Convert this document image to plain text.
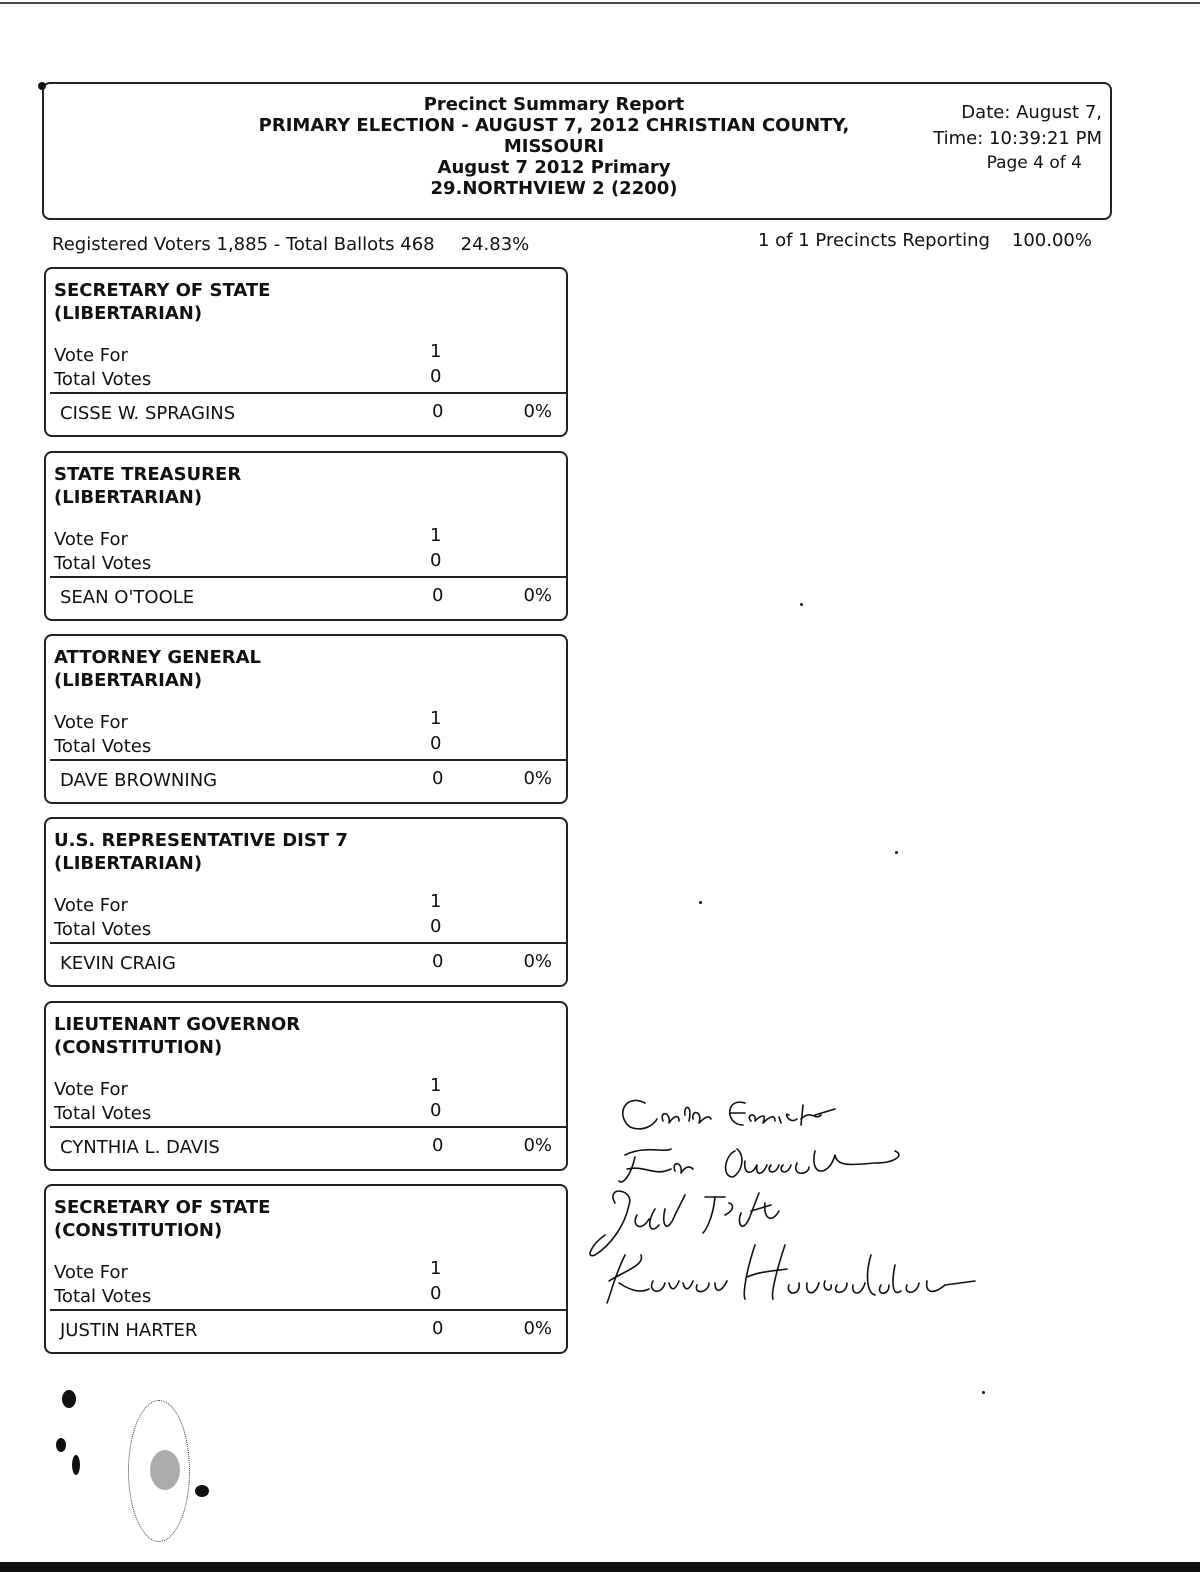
Precinct Summary Report
PRIMARY ELECTION - AUGUST 7, 2012 CHRISTIAN COUNTY,
MISSOURI
August 7 2012 Primary
29.NORTHVIEW 2 (2200)
Date: August 7,
Time: 10:39:21 PM
Page 4 of 4
Registered Voters 1,885 - Total Ballots 468 24.83%	1 of 1 Precincts Reporting 100.00%
SECRETARY OF STATE
(LIBERTARIAN)
Vote For	1
Total Votes	0
CISSE W. SPRAGINS	0	0%
STATE TREASURER
(LIBERTARIAN)
Vote For	1
Total Votes	0
SEAN O'TOOLE	0	0%
ATTORNEY GENERAL
(LIBERTARIAN)
Vote For	1
Total Votes	0
DAVE BROWNING	0	0%
U.S. REPRESENTATIVE DIST 7
(LIBERTARIAN)
Vote For	1
Total Votes	0
KEVIN CRAIG	0	0%
LIEUTENANT GOVERNOR
(CONSTITUTION)
Vote For	1
Total Votes	0
CYNTHIA L. DAVIS	0	0%
SECRETARY OF STATE
(CONSTITUTION)
Vote For	1
Total Votes	0
JUSTIN HARTER	0	0%
